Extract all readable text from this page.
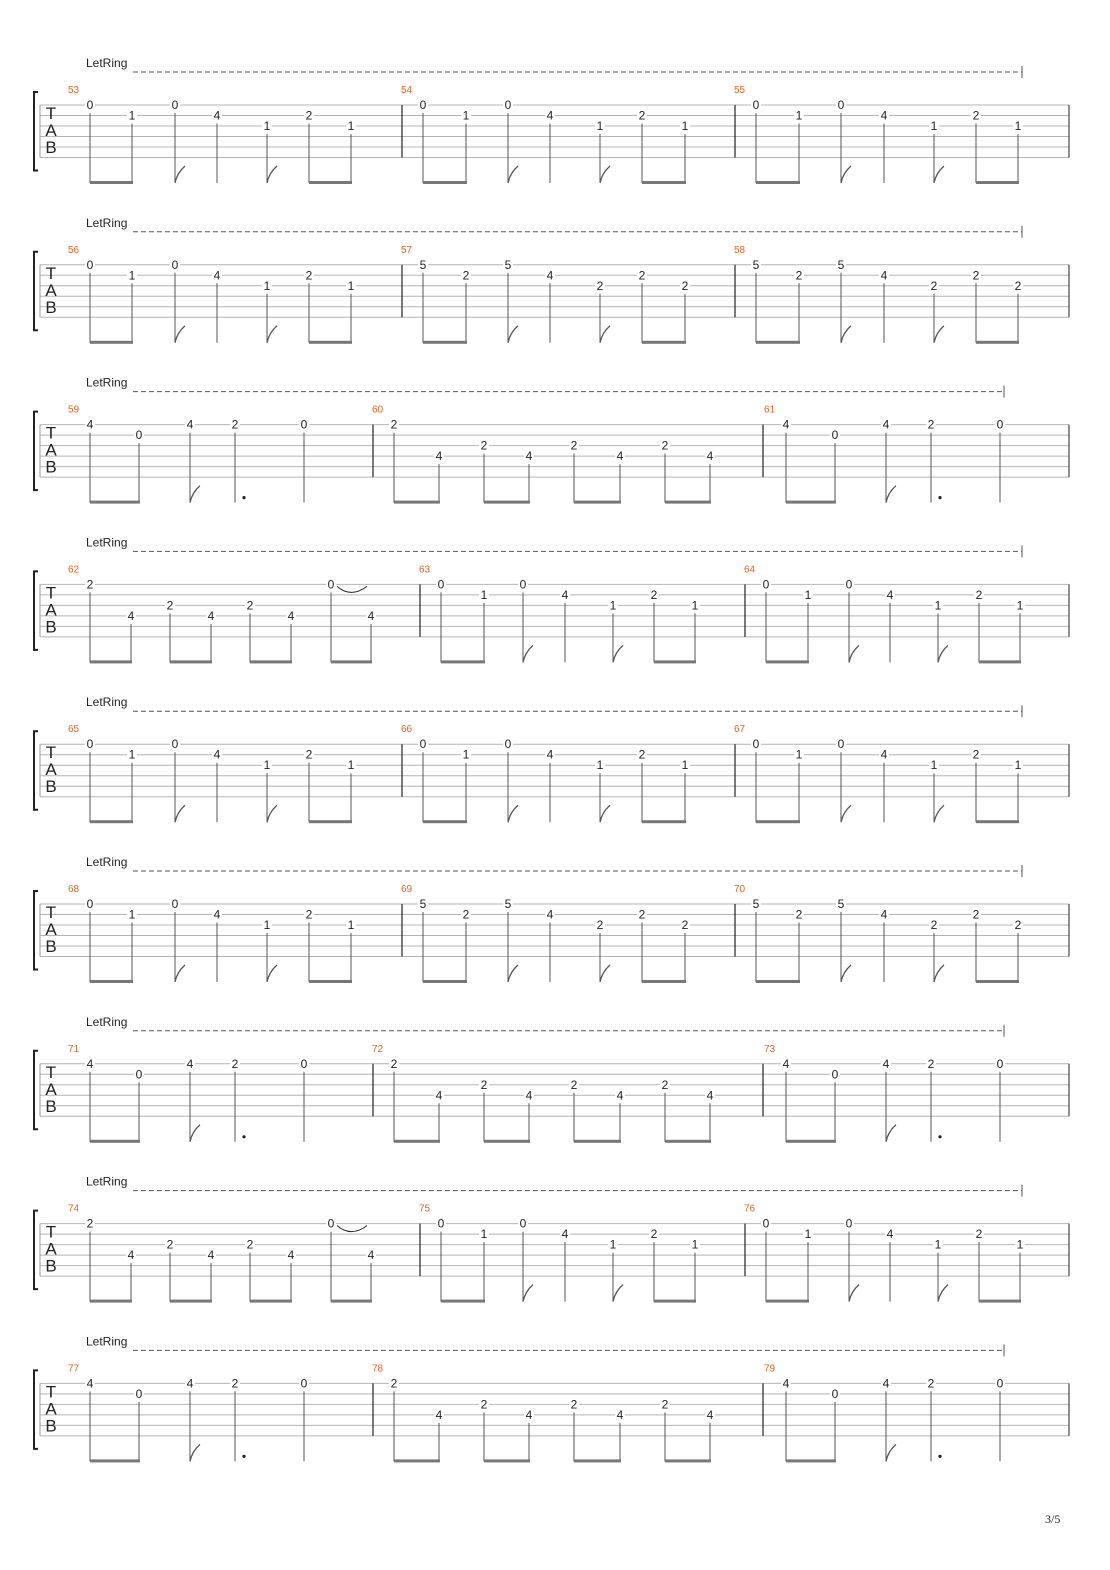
LetRing
T
A
B
53
0
1
0
4
1
2
1
54
0
1
0
4
1
2
1
55
0
1
0
4
1
2
1
LetRing
T
A
B
56
0
1
0
4
1
2
1
57
5
2
5
4
2
2
2
58
5
2
5
4
2
2
2
LetRing
T
A
B
59
4
0
4	2	0
60
2
4
2
4
2
4
2
4
61
4
0
4	2	0
LetRing
T
A
B
62
2
4
2
4
2
4
0
4
63
0
1
0
4
1
2
1
64
0
1
0
4
1
2
1
LetRing
T
A
B
65
0
1
0
4
1
2
1
66
0
1
0
4
1
2
1
67
0
1
0
4
1
2
1
LetRing
T
A
B
68
0
1
0
4
1
2
1
69
5
2
5
4
2
2
2
70
5
2
5
4
2
2
2
LetRing
T
A
B
71
4
0
4	2	0
72
2
4
2
4
2
4
2
4
73
4
0
4	2	0
LetRing
T
A
B
74
2
4
2
4
2
4
0
4
75
0
1
0
4
1
2
1
76
0
1
0
4
1
2
1
LetRing
T
A
B
77
4
0
4	2	0
78
2
4
2
4
2
4
2
4
79
4
0
4	2	0
3/5
